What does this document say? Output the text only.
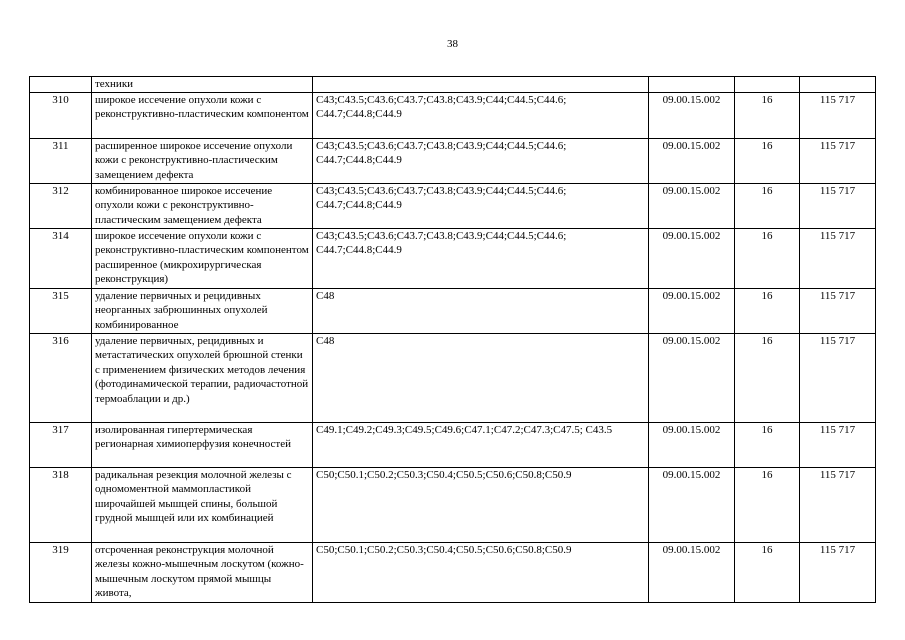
38
	техники				
310	широкое иссечение опухоли кожи с реконструктивно-пластическим компонентом	C43;C43.5;C43.6;C43.7;C43.8;C43.9;C44;C44.5;C44.6; C44.7;C44.8;C44.9	09.00.15.002	16	115 717
311	расширенное широкое иссечение опухоли кожи с реконструктивно-пластическим замещением дефекта	C43;C43.5;C43.6;C43.7;C43.8;C43.9;C44;C44.5;C44.6; C44.7;C44.8;C44.9	09.00.15.002	16	115 717
312	комбинированное широкое иссечение опухоли кожи с реконструктивно-пластическим замещением дефекта	C43;C43.5;C43.6;C43.7;C43.8;C43.9;C44;C44.5;C44.6; C44.7;C44.8;C44.9	09.00.15.002	16	115 717
314	широкое иссечение опухоли кожи с реконструктивно-пластическим компонентом расширенное (микрохирургическая реконструкция)	C43;C43.5;C43.6;C43.7;C43.8;C43.9;C44;C44.5;C44.6; C44.7;C44.8;C44.9	09.00.15.002	16	115 717
315	удаление первичных и рецидивных неорганных забрюшинных опухолей комбинированное	C48	09.00.15.002	16	115 717
316	удаление первичных, рецидивных и метастатических опухолей брюшной стенки с применением физических методов лечения (фотодинамической терапии, радиочастотной термоаблации и др.)	C48	09.00.15.002	16	115 717
317	изолированная гипертермическая регионарная химиоперфузия конечностей	C49.1;C49.2;C49.3;C49.5;C49.6;C47.1;C47.2;C47.3;C47.5; C43.5	09.00.15.002	16	115 717
318	радикальная резекция молочной железы с одномоментной маммопластикой широчайшей мышцей спины, большой грудной мышцей или их комбинацией	C50;C50.1;C50.2;C50.3;C50.4;C50.5;C50.6;C50.8;C50.9	09.00.15.002	16	115 717
319	отсроченная реконструкция молочной железы кожно-мышечным лоскутом (кожно-мышечным лоскутом прямой мышцы живота,	C50;C50.1;C50.2;C50.3;C50.4;C50.5;C50.6;C50.8;C50.9	09.00.15.002	16	115 717
